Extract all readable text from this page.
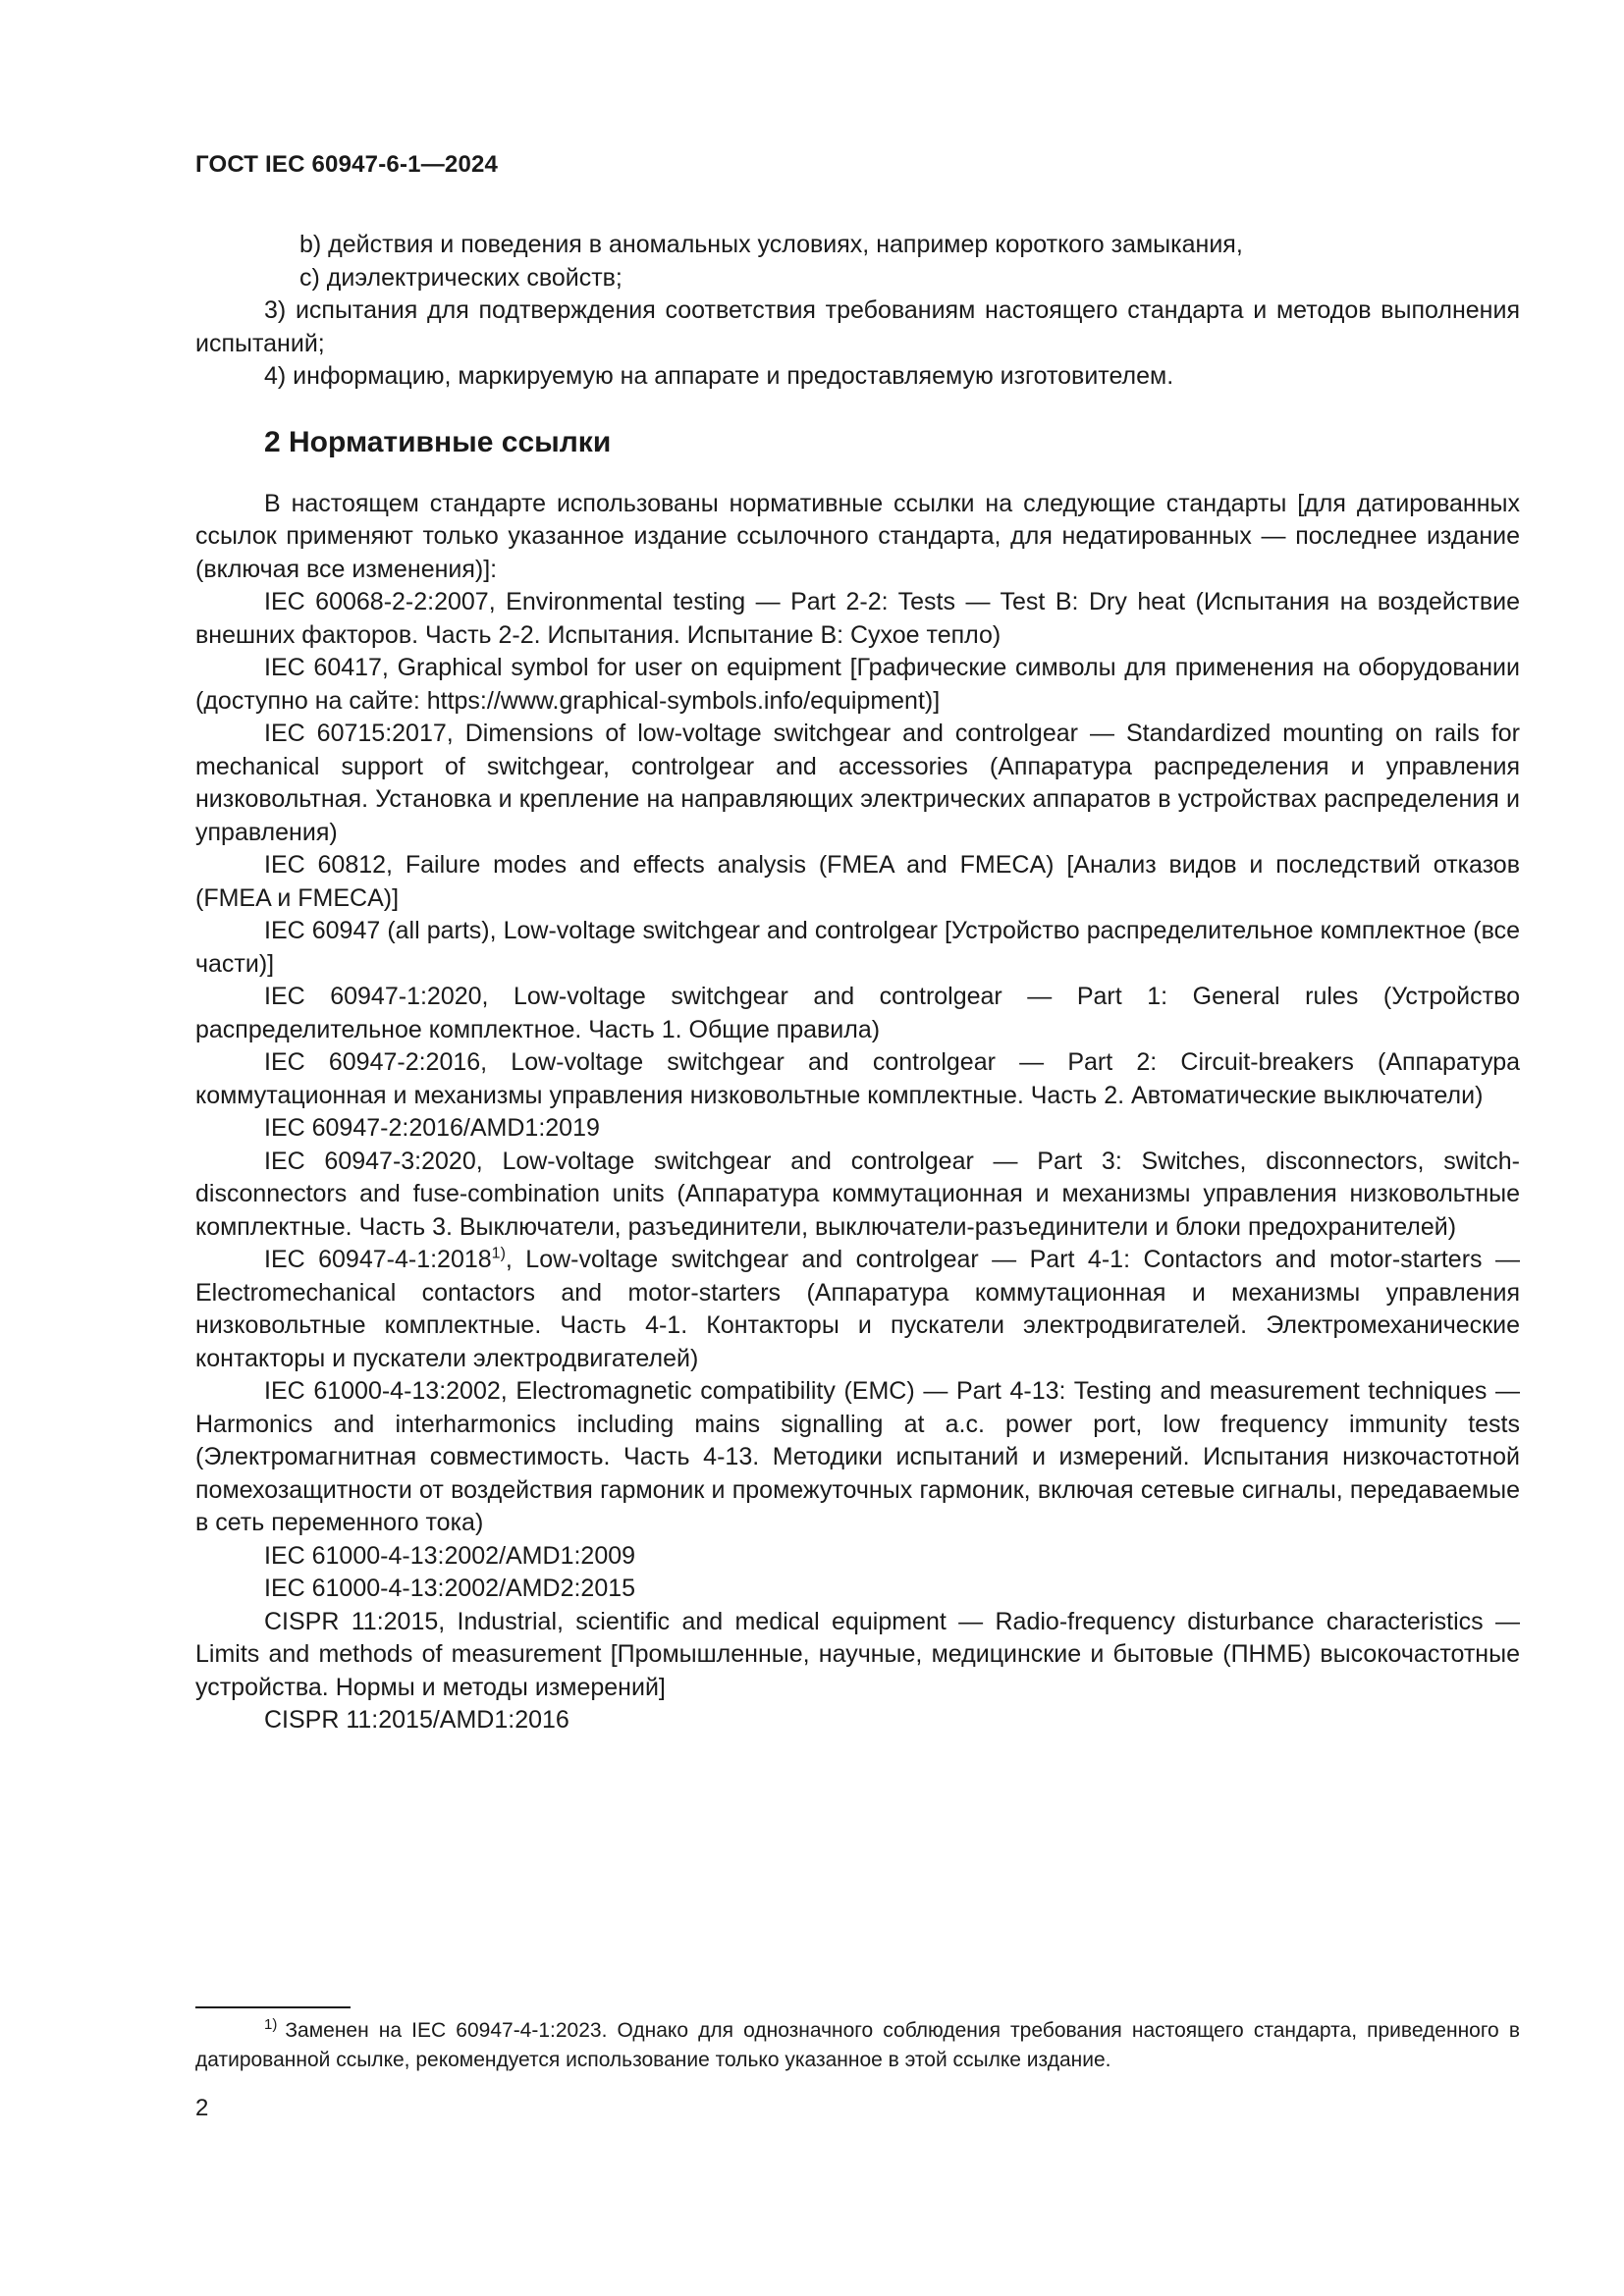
ГОСТ IEC 60947-6-1—2024

b) действия и поведения в аномальных условиях, например короткого замыкания,

c) диэлектрических свойств;

3) испытания для подтверждения соответствия требованиям настоящего стандарта и методов выполнения испытаний;

4) информацию, маркируемую на аппарате и предоставляемую изготовителем.

2 Нормативные ссылки

В настоящем стандарте использованы нормативные ссылки на следующие стандарты [для датированных ссылок применяют только указанное издание ссылочного стандарта, для недатированных — последнее издание (включая все изменения)]:

IEC 60068-2-2:2007, Environmental testing — Part 2-2: Tests — Test B: Dry heat (Испытания на воздействие внешних факторов. Часть 2-2. Испытания. Испытание В: Сухое тепло)

IEC 60417, Graphical symbol for user on equipment [Графические символы для применения на оборудовании (доступно на сайте: https://www.graphical-symbols.info/equipment)]

IEC 60715:2017, Dimensions of low-voltage switchgear and controlgear — Standardized mounting on rails for mechanical support of switchgear, controlgear and accessories (Аппаратура распределения и управления низковольтная. Установка и крепление на направляющих электрических аппаратов в устройствах распределения и управления)

IEC 60812, Failure modes and effects analysis (FMEA and FMECA) [Анализ видов и последствий отказов (FMEA и FMECA)]

IEC 60947 (all parts), Low-voltage switchgear and controlgear [Устройство распределительное комплектное (все части)]

IEC 60947-1:2020, Low-voltage switchgear and controlgear — Part 1: General rules (Устройство распределительное комплектное. Часть 1. Общие правила)

IEC 60947-2:2016, Low-voltage switchgear and controlgear — Part 2: Circuit-breakers (Аппаратура коммутационная и механизмы управления низковольтные комплектные. Часть 2. Автоматические выключатели)

IEC 60947-2:2016/AMD1:2019

IEC 60947-3:2020, Low-voltage switchgear and controlgear — Part 3: Switches, disconnectors, switch-disconnectors and fuse-combination units (Аппаратура коммутационная и механизмы управления низковольтные комплектные. Часть 3. Выключатели, разъединители, выключатели-разъединители и блоки предохранителей)

IEC 60947-4-1:2018$^{1)}$, Low-voltage switchgear and controlgear — Part 4-1: Contactors and motor-starters — Electromechanical contactors and motor-starters (Аппаратура коммутационная и механизмы управления низковольтные комплектные. Часть 4-1. Контакторы и пускатели электродвигателей. Электромеханические контакторы и пускатели электродвигателей)

IEC 61000-4-13:2002, Electromagnetic compatibility (EMC) — Part 4-13: Testing and measurement techniques — Harmonics and interharmonics including mains signalling at a.c. power port, low frequency immunity tests (Электромагнитная совместимость. Часть 4-13. Методики испытаний и измерений. Испытания низкочастотной помехозащитности от воздействия гармоник и промежуточных гармоник, включая сетевые сигналы, передаваемые в сеть переменного тока)

IEC 61000-4-13:2002/AMD1:2009

IEC 61000-4-13:2002/AMD2:2015

CISPR 11:2015, Industrial, scientific and medical equipment — Radio-frequency disturbance characteristics — Limits and methods of measurement [Промышленные, научные, медицинские и бытовые (ПНМБ) высокочастотные устройства. Нормы и методы измерений]

CISPR 11:2015/AMD1:2016

$^{1)}$ Заменен на IEC 60947-4-1:2023. Однако для однозначного соблюдения требования настоящего стандарта, приведенного в датированной ссылке, рекомендуется использование только указанное в этой ссылке издание.

2
